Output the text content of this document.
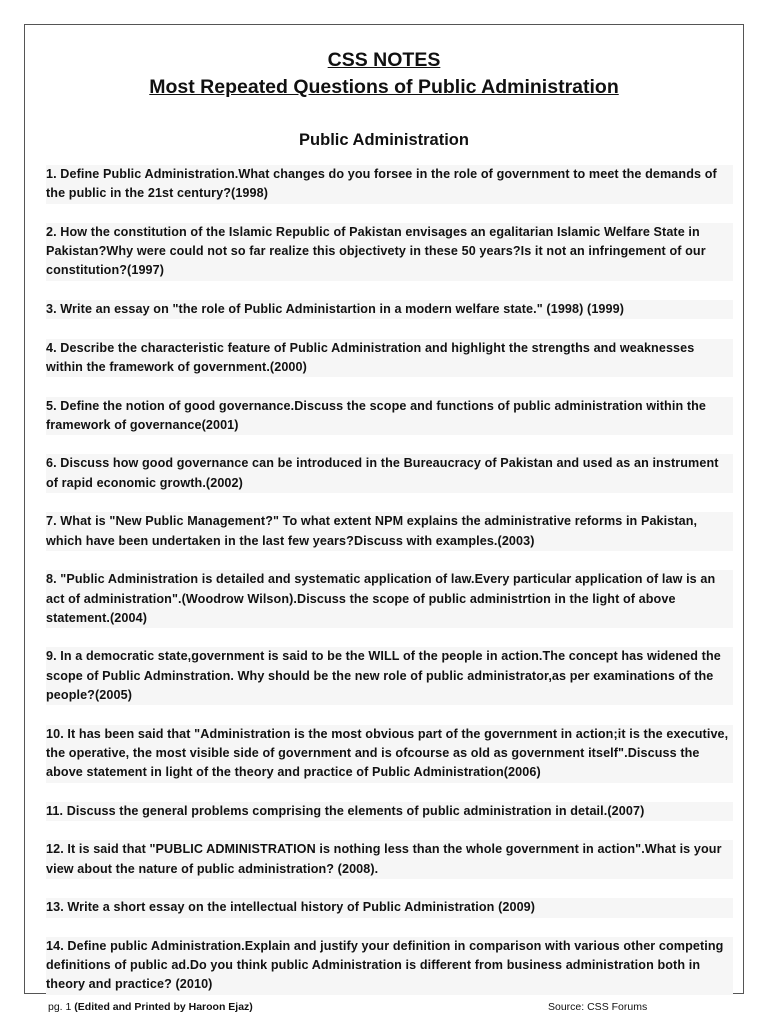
CSS NOTES
Most Repeated Questions of Public Administration
Public Administration

1. Define Public Administration.What changes do you forsee in the role of government to meet the demands of the public in the 21st century?(1998)

2. How the constitution of the Islamic Republic of Pakistan envisages an egalitarian Islamic Welfare State in Pakistan?Why were could not so far realize this objectivety in these 50 years?Is it not an infringement of our constitution?(1997)

3. Write an essay on "the role of Public Administartion in a modern welfare state." (1998) (1999)

4. Describe the characteristic feature of Public Administration and highlight the strengths and weaknesses within the framework of government.(2000)

5. Define the notion of good governance.Discuss the scope and functions of public administration within the framework of governance(2001)

6. Discuss how good governance can be introduced in the Bureaucracy of Pakistan and used as an instrument of rapid economic growth.(2002)

7. What is "New Public Management?" To what extent NPM explains the administrative reforms in Pakistan, which have been undertaken in the last few years?Discuss with examples.(2003)

8. "Public Administration is detailed and systematic application of law.Every particular application of law is an act of administration".(Woodrow Wilson).Discuss the scope of public administrtion in the light of above statement.(2004)

9. In a democratic state,government is said to be the WILL of the people in action.The concept has widened the scope of Public Adminstration. Why should be the new role of public administrator,as per examinations of the people?(2005)

10. It has been said that "Administration is the most obvious part of the government in action;it is the executive, the operative, the most visible side of government and is ofcourse as old as government itself".Discuss the above statement in light of the theory and practice of Public Administration(2006)

11. Discuss the general problems comprising the elements of public administration in detail.(2007)

12. It is said that "PUBLIC ADMINISTRATION is nothing less than the whole government in action".What is your view about the nature of public administration? (2008).

13. Write a short essay on the intellectual history of Public Administration (2009)

14. Define public Administration.Explain and justify your definition in comparison with various other competing definitions of public ad.Do you think public Administration is different from business administration both in theory and practice? (2010)

pg. 1 (Edited and Printed by Haroon Ejaz)	Source: CSS Forums
